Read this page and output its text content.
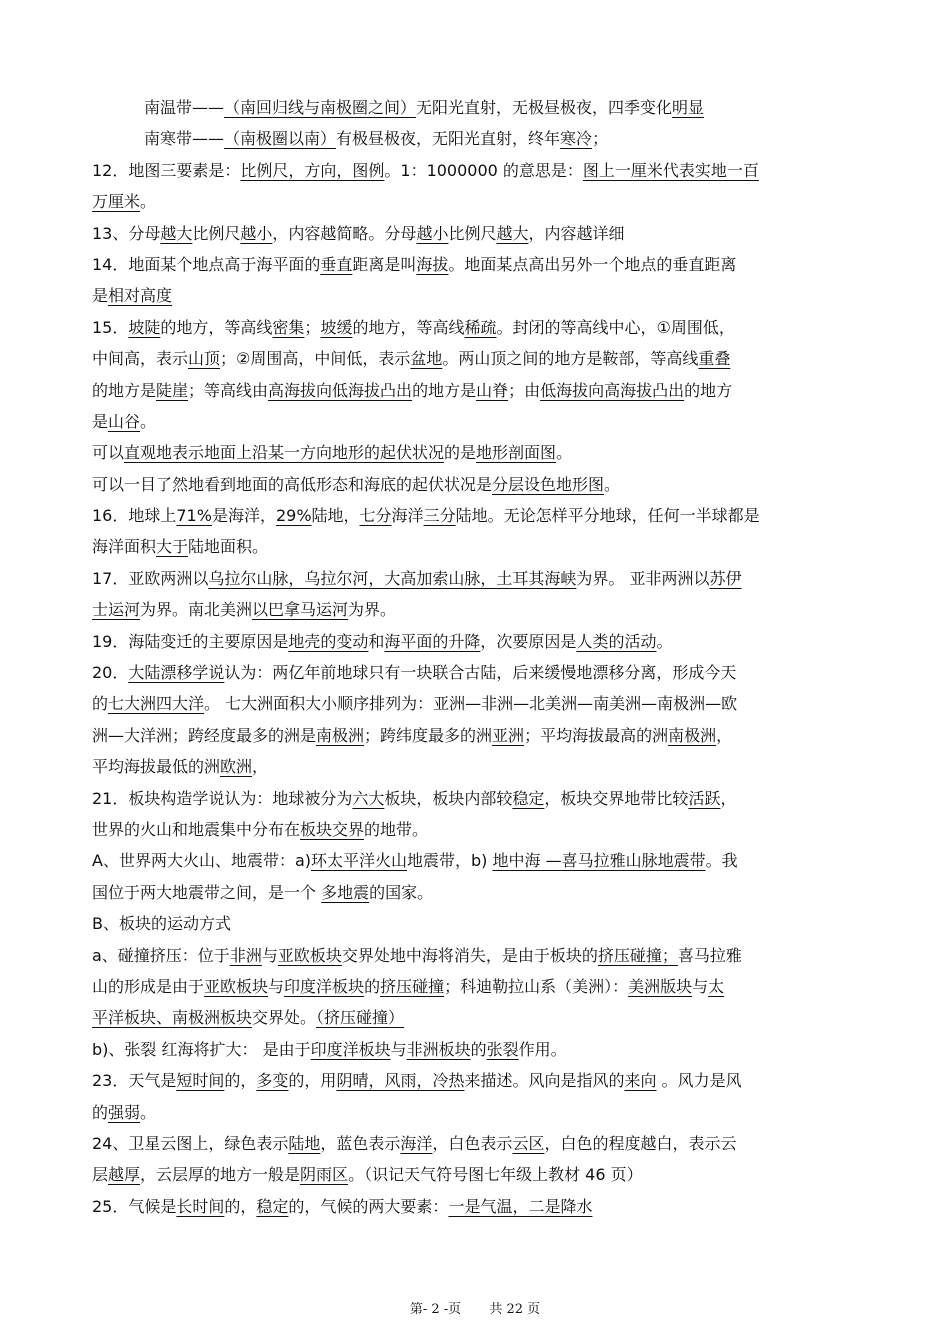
南温带——（南回归线与南极圈之间）无阳光直射，无极昼极夜，四季变化明显
南寒带——（南极圈以南）有极昼极夜，无阳光直射，终年寒冷；
12．地图三要素是：比例尺，方向，图例。1：1000000 的意思是：图上一厘米代表实地一百
万厘米。
13、分母越大比例尺越小，内容越简略。分母越小比例尺越大，内容越详细
14．地面某个地点高于海平面的垂直距离是叫海拔。地面某点高出另外一个地点的垂直距离
是相对高度
15．坡陡的地方，等高线密集；坡缓的地方，等高线稀疏。封闭的等高线中心，①周围低，
中间高，表示山顶；②周围高，中间低，表示盆地。两山顶之间的地方是鞍部，等高线重叠
的地方是陡崖；等高线由高海拔向低海拔凸出的地方是山脊；由低海拔向高海拔凸出的地方
是山谷。
可以直观地表示地面上沿某一方向地形的起伏状况的是地形剖面图。
可以一目了然地看到地面的高低形态和海底的起伏状况是分层设色地形图。
16．地球上71%是海洋，29%陆地，七分海洋三分陆地。无论怎样平分地球，任何一半球都是
海洋面积大于陆地面积。
17．亚欧两洲以乌拉尔山脉，乌拉尔河，大高加索山脉，土耳其海峡为界。 亚非两洲以苏伊
士运河为界。南北美洲以巴拿马运河为界。
19．海陆变迁的主要原因是地壳的变动和海平面的升降，次要原因是人类的活动。
20．大陆漂移学说认为：两亿年前地球只有一块联合古陆，后来缓慢地漂移分离，形成今天
的七大洲四大洋。 七大洲面积大小顺序排列为：亚洲—非洲—北美洲—南美洲—南极洲—欧
洲—大洋洲；跨经度最多的洲是南极洲；跨纬度最多的洲亚洲；平均海拔最高的洲南极洲，
平均海拔最低的洲欧洲，
21．板块构造学说认为：地球被分为六大板块，板块内部较稳定，板块交界地带比较活跃，
世界的火山和地震集中分布在板块交界的地带。
A、世界两大火山、地震带：a)环太平洋火山地震带，b) 地中海 —喜马拉雅山脉地震带。我
国位于两大地震带之间，是一个 多地震的国家。
B、板块的运动方式
a、碰撞挤压：位于非洲与亚欧板块交界处地中海将消失，是由于板块的挤压碰撞；喜马拉雅
山的形成是由于亚欧板块与印度洋板块的挤压碰撞；科迪勒拉山系（美洲）：美洲版块与太
平洋板块、南极洲板块交界处。（挤压碰撞）
b)、张裂 红海将扩大： 是由于印度洋板块与非洲板块的张裂作用。
23．天气是短时间的，多变的，用阴晴，风雨，冷热来描述。风向是指风的来向 。风力是风
的强弱。
24、卫星云图上，绿色表示陆地，蓝色表示海洋，白色表示云区，白色的程度越白，表示云
层越厚，云层厚的地方一般是阴雨区。（识记天气符号图七年级上教材 46 页）
25．气候是长时间的，稳定的，气候的两大要素：一是气温，二是降水
第- 2 -页 共 22 页
